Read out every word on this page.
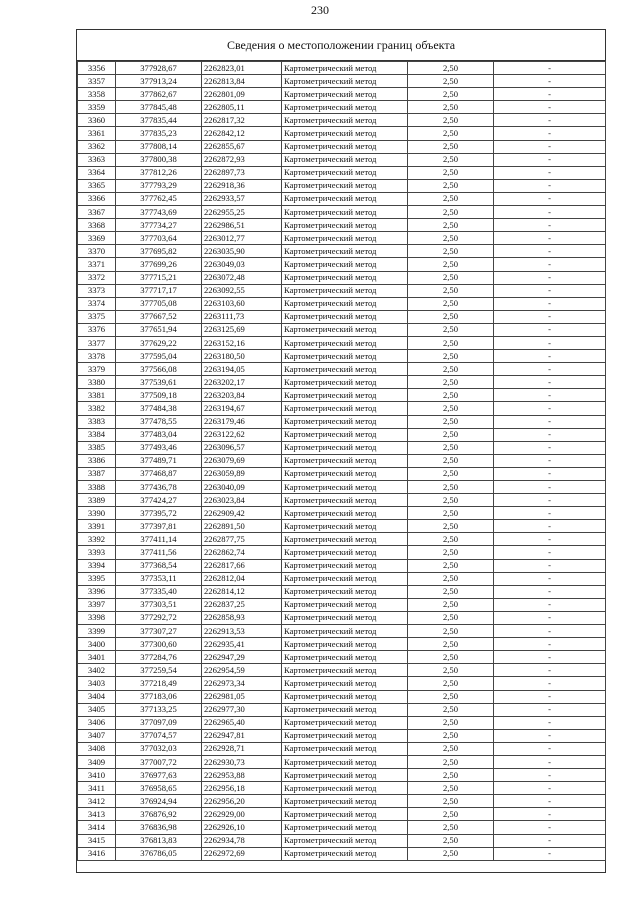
230
Сведения о местоположении границ объекта
3356	377928,67	2262823,01	Картометрический метод	2,50	-
3357	377913,24	2262813,84	Картометрический метод	2,50	-
3358	377862,67	2262801,09	Картометрический метод	2,50	-
3359	377845,48	2262805,11	Картометрический метод	2,50	-
3360	377835,44	2262817,32	Картометрический метод	2,50	-
3361	377835,23	2262842,12	Картометрический метод	2,50	-
3362	377808,14	2262855,67	Картометрический метод	2,50	-
3363	377800,38	2262872,93	Картометрический метод	2,50	-
3364	377812,26	2262897,73	Картометрический метод	2,50	-
3365	377793,29	2262918,36	Картометрический метод	2,50	-
3366	377762,45	2262933,57	Картометрический метод	2,50	-
3367	377743,69	2262955,25	Картометрический метод	2,50	-
3368	377734,27	2262986,51	Картометрический метод	2,50	-
3369	377703,64	2263012,77	Картометрический метод	2,50	-
3370	377695,82	2263035,90	Картометрический метод	2,50	-
3371	377699,26	2263049,03	Картометрический метод	2,50	-
3372	377715,21	2263072,48	Картометрический метод	2,50	-
3373	377717,17	2263092,55	Картометрический метод	2,50	-
3374	377705,08	2263103,60	Картометрический метод	2,50	-
3375	377667,52	2263111,73	Картометрический метод	2,50	-
3376	377651,94	2263125,69	Картометрический метод	2,50	-
3377	377629,22	2263152,16	Картометрический метод	2,50	-
3378	377595,04	2263180,50	Картометрический метод	2,50	-
3379	377566,08	2263194,05	Картометрический метод	2,50	-
3380	377539,61	2263202,17	Картометрический метод	2,50	-
3381	377509,18	2263203,84	Картометрический метод	2,50	-
3382	377484,38	2263194,67	Картометрический метод	2,50	-
3383	377478,55	2263179,46	Картометрический метод	2,50	-
3384	377483,04	2263122,62	Картометрический метод	2,50	-
3385	377493,46	2263096,57	Картометрический метод	2,50	-
3386	377489,71	2263079,69	Картометрический метод	2,50	-
3387	377468,87	2263059,89	Картометрический метод	2,50	-
3388	377436,78	2263040,09	Картометрический метод	2,50	-
3389	377424,27	2263023,84	Картометрический метод	2,50	-
3390	377395,72	2262909,42	Картометрический метод	2,50	-
3391	377397,81	2262891,50	Картометрический метод	2,50	-
3392	377411,14	2262877,75	Картометрический метод	2,50	-
3393	377411,56	2262862,74	Картометрический метод	2,50	-
3394	377368,54	2262817,66	Картометрический метод	2,50	-
3395	377353,11	2262812,04	Картометрический метод	2,50	-
3396	377335,40	2262814,12	Картометрический метод	2,50	-
3397	377303,51	2262837,25	Картометрический метод	2,50	-
3398	377292,72	2262858,93	Картометрический метод	2,50	-
3399	377307,27	2262913,53	Картометрический метод	2,50	-
3400	377300,60	2262935,41	Картометрический метод	2,50	-
3401	377284,76	2262947,29	Картометрический метод	2,50	-
3402	377259,54	2262954,59	Картометрический метод	2,50	-
3403	377218,49	2262973,34	Картометрический метод	2,50	-
3404	377183,06	2262981,05	Картометрический метод	2,50	-
3405	377133,25	2262977,30	Картометрический метод	2,50	-
3406	377097,09	2262965,40	Картометрический метод	2,50	-
3407	377074,57	2262947,81	Картометрический метод	2,50	-
3408	377032,03	2262928,71	Картометрический метод	2,50	-
3409	377007,72	2262930,73	Картометрический метод	2,50	-
3410	376977,63	2262953,88	Картометрический метод	2,50	-
3411	376958,65	2262956,18	Картометрический метод	2,50	-
3412	376924,94	2262956,20	Картометрический метод	2,50	-
3413	376876,92	2262929,00	Картометрический метод	2,50	-
3414	376836,98	2262926,10	Картометрический метод	2,50	-
3415	376813,83	2262934,78	Картометрический метод	2,50	-
3416	376786,05	2262972,69	Картометрический метод	2,50	-
